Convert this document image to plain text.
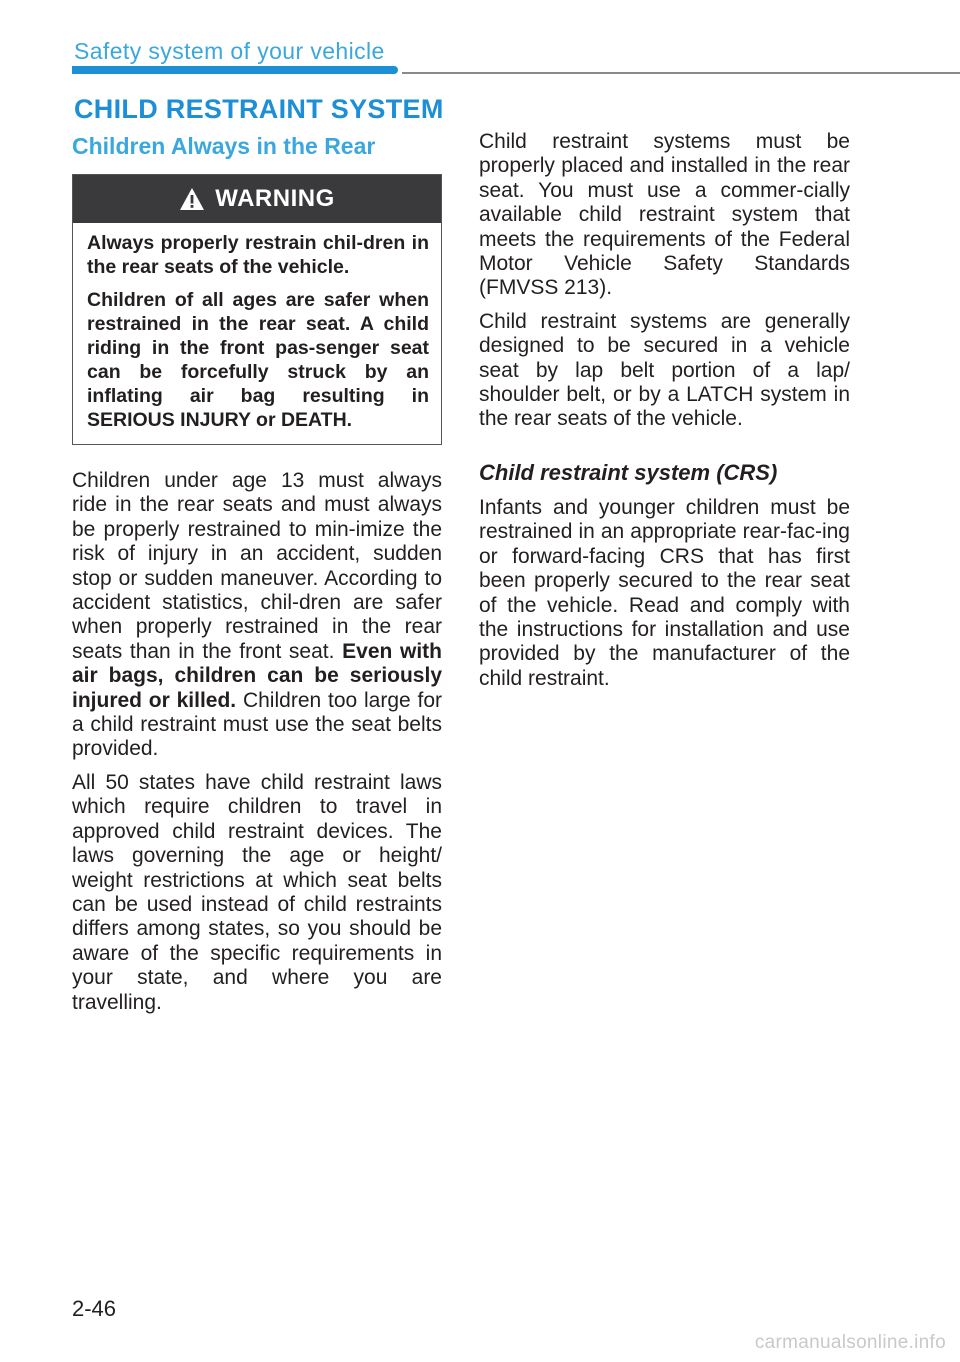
Safety system of your vehicle
CHILD RESTRAINT SYSTEM
Children Always in the Rear
WARNING

Always properly restrain chil-dren in the rear seats of the vehicle.

Children of all ages are safer when restrained in the rear seat. A child riding in the front pas-senger seat can be forcefully struck by an inflating air bag resulting in SERIOUS INJURY or DEATH.

Children under age 13 must always ride in the rear seats and must always be properly restrained to min-imize the risk of injury in an accident, sudden stop or sudden maneuver. According to accident statistics, chil-dren are safer when properly restrained in the rear seats than in the front seat. Even with air bags, children can be seriously injured or killed. Children too large for a child restraint must use the seat belts provided.

All 50 states have child restraint laws which require children to travel in approved child restraint devices. The laws governing the age or height/ weight restrictions at which seat belts can be used instead of child restraints differs among states, so you should be aware of the specific requirements in your state, and where you are travelling.

Child restraint systems must be properly placed and installed in the rear seat. You must use a commer-cially available child restraint system that meets the requirements of the Federal Motor Vehicle Safety Standards (FMVSS 213).

Child restraint systems are generally designed to be secured in a vehicle seat by lap belt portion of a lap/ shoulder belt, or by a LATCH system in the rear seats of the vehicle.

Child restraint system (CRS)

Infants and younger children must be restrained in an appropriate rear-fac-ing or forward-facing CRS that has first been properly secured to the rear seat of the vehicle. Read and comply with the instructions for installation and use provided by the manufacturer of the child restraint.

2-46
carmanualsonline.info
